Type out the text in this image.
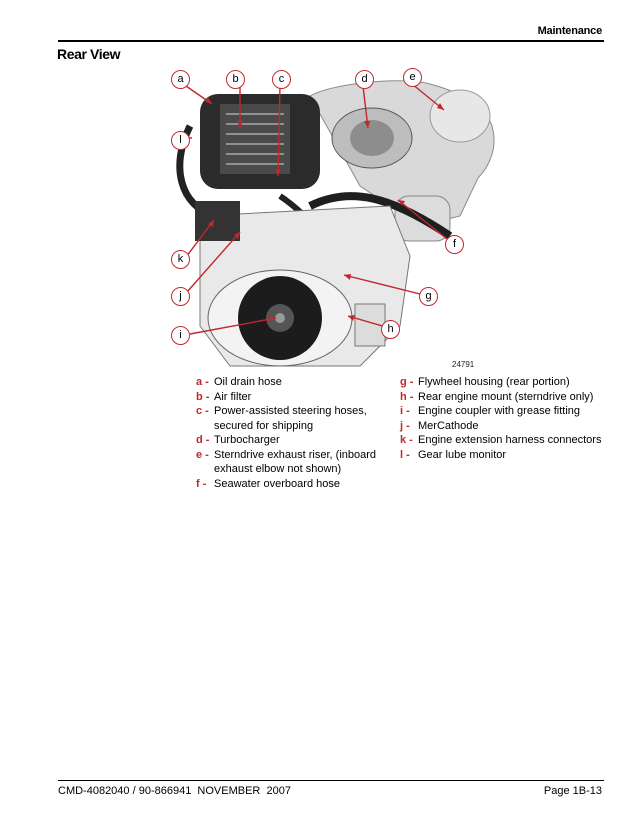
Maintenance
Rear View
a	b	c	d	e
f
g
h
i
j
k
l
24791
a - Oil drain hose
b - Air filter
c - Power-assisted steering hoses, secured for shipping
d - Turbocharger
e - Sterndrive exhaust riser, (inboard exhaust elbow not shown)
f - Seawater overboard hose
g - Flywheel housing (rear portion)
h - Rear engine mount (sterndrive only)
i - Engine coupler with grease fitting
j - MerCathode
k - Engine extension harness connectors
l - Gear lube monitor
CMD-4082040 / 90-866941  NOVEMBER  2007	Page 1B-13
